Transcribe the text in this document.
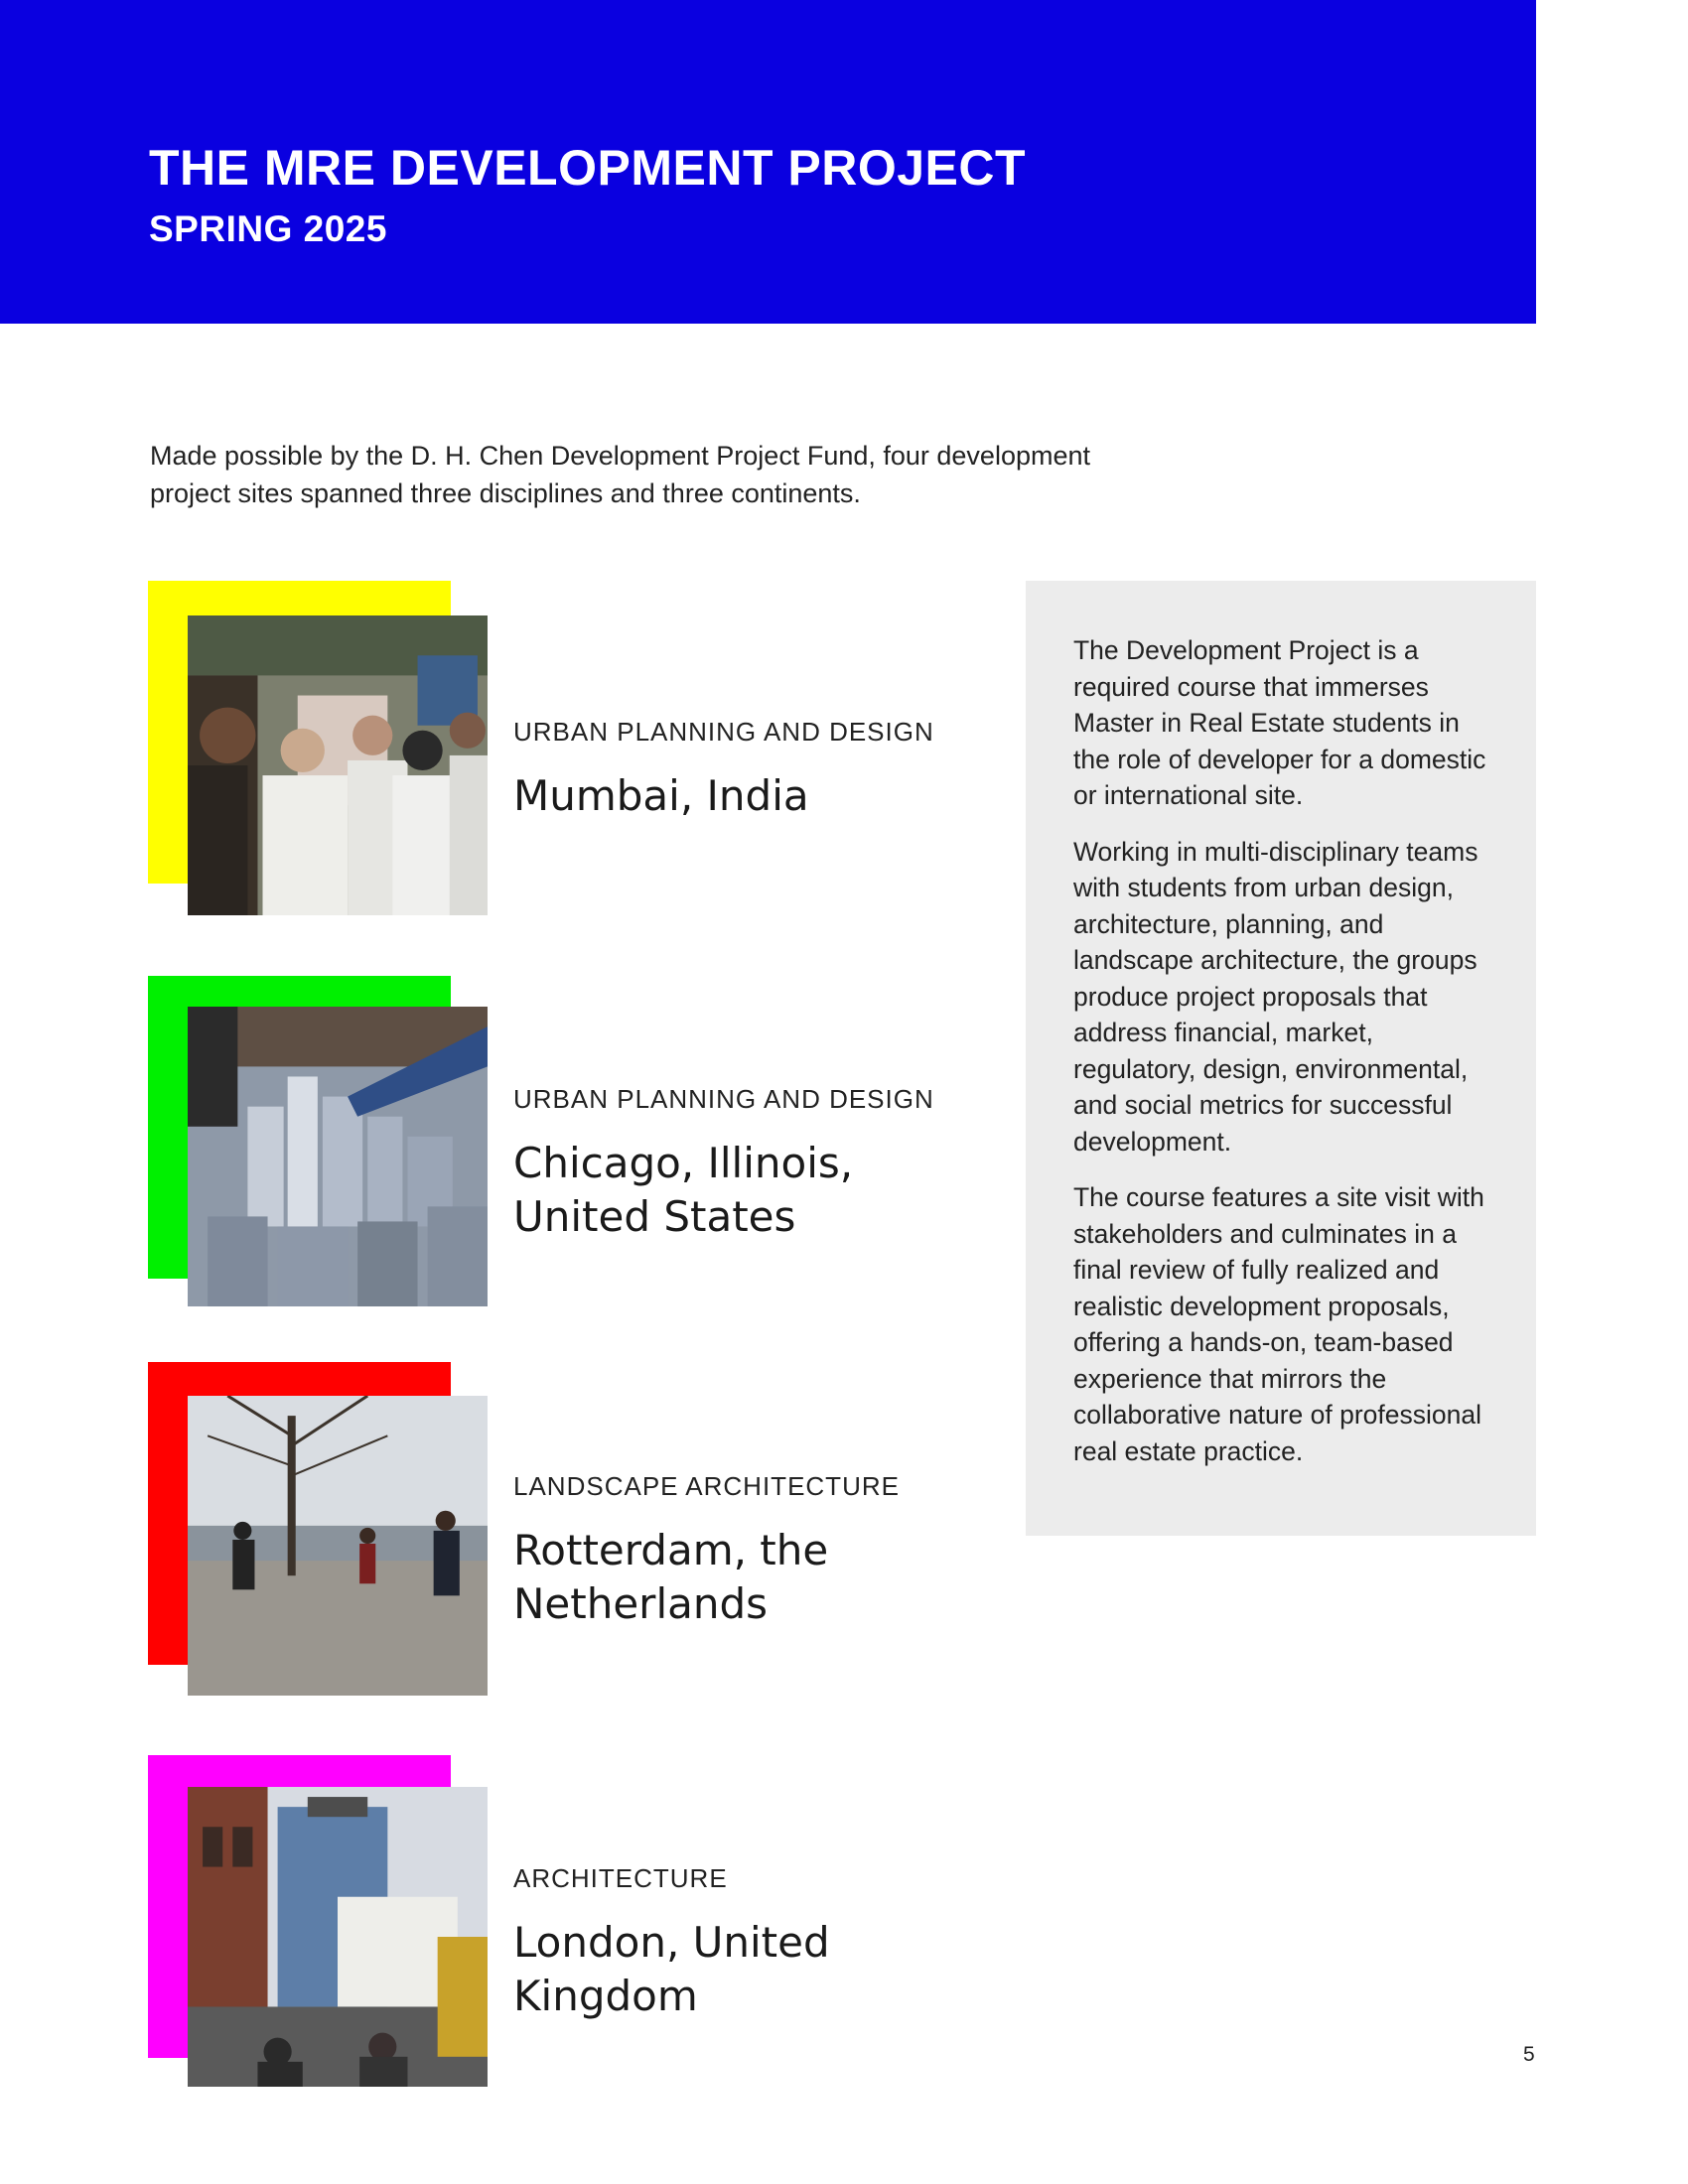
THE MRE DEVELOPMENT PROJECT
SPRING 2025

Made possible by the D. H. Chen Development Project Fund, four development project sites spanned three disciplines and three continents.

URBAN PLANNING AND DESIGN

Mumbai, India

URBAN PLANNING AND DESIGN

Chicago, Illinois, United States

LANDSCAPE ARCHITECTURE

Rotterdam, the Netherlands

ARCHITECTURE

London, United Kingdom

The Development Project is a required course that immerses Master in Real Estate students in the role of developer for a domestic or international site.

Working in multi-disciplinary teams with students from urban design, architecture, planning, and landscape architecture, the groups produce project proposals that address financial, market, regulatory, design, environmental, and social metrics for successful development.

The course features a site visit with stakeholders and culminates in a final review of fully realized and realistic development proposals, offering a hands-on, team-based experience that mirrors the collaborative nature of professional real estate practice.

5
